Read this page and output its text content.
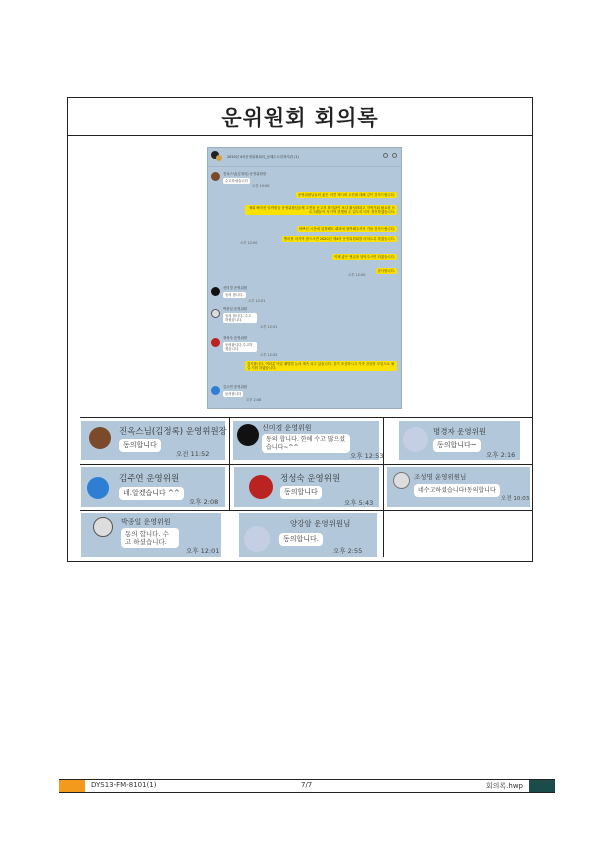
운위원회 회의록
2020년 4차운영위원회의_동래수도한복지관 (1)
진옥스님(김정록) 운영위원장
수고하셨습니다
오전 10:00
운영위원님들의 좋은 의견 제시에 주신데 대해 깊이 감사드립니다.
매회 빠지신 임직원들 운영위원님들께 고견을 듣고자 복지관이 보다 활성화되고 지역사회 필요한 프로그램들이 자기역 진행할 수 있도록 더욱 정진하겠습니다.
바쁘신 시간에 일정해도 회의에 참여해주셔서 거듭 감사드립니다.
빨리를 마지막 참으시면 2020년 제4차 운영위원회를 마치도록 하겠습니다.
오후 12:00
이제 좋은 댓글을 달아주시면 되겠습니다.
감사합니다.
오후 12:00
신미경 운영위원
동의 합니다.
오후 12:01
박종일 운영위원
동의 합니다. 수고 하셨습니다.
오후 12:01
정성숙 운영위원
동의합니다 수고하셨습니다.
오후 12:02
감사합니다. 여러분 덕분 활발한 논의 계속 되고 있습니다. 감기 조심하시고 가족 건강한 모임으로 될길 기원 하겠습니다.
김주연 운영위원
동의합니다
오후 2:08
진옥스님(김정록) 운영위원장
동의합니다
오전 11:52
신미경 운영위원
동의 합니다. 한해 수고 많으셨습니다~^^
오후 12:53
명경자 운영위원
동의합니다~
오후 2:16
김주연 운영위원
네.알겠습니다 ^^
오후 2:08
정성숙 운영위원
동의합니다
오후 5:43
조성명 운영위원님
네수고하셨습니다!동의합니다
오전 10:03
박종일 운영위원
동의 합니다. 수고 하셨습니다.
오후 12:01
양강암 운영위원님
동의합니다.
오후 2:55
DYS13-FM-8101(1)	7/7	회의록.hwp
